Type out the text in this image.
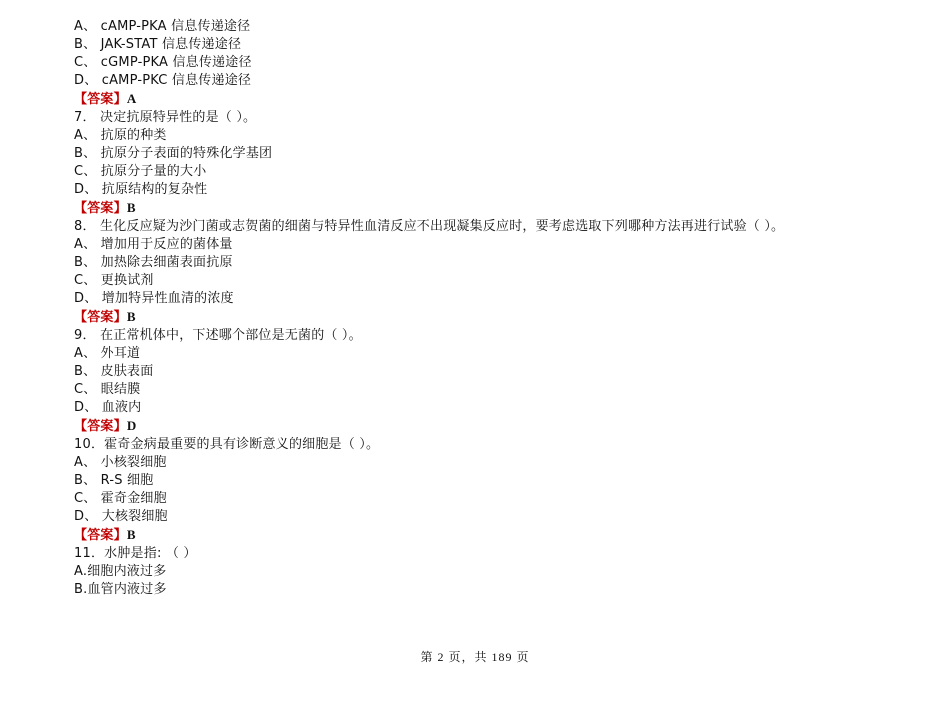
A、 cAMP-PKA 信息传递途径
B、 JAK-STAT 信息传递途径
C、 cGMP-PKA 信息传递途径
D、 cAMP-PKC 信息传递途径
【答案】A
7． 决定抗原特异性的是（ ）。
A、 抗原的种类
B、 抗原分子表面的特殊化学基团
C、 抗原分子量的大小
D、 抗原结构的复杂性
【答案】B
8． 生化反应疑为沙门菌或志贺菌的细菌与特异性血清反应不出现凝集反应时，要考虑选取下列哪种方法再进行试验（ ）。
A、 增加用于反应的菌体量
B、 加热除去细菌表面抗原
C、 更换试剂
D、 增加特异性血清的浓度
【答案】B
9． 在正常机体中，下述哪个部位是无菌的（ ）。
A、 外耳道
B、 皮肤表面
C、 眼结膜
D、 血液内
【答案】D
10．霍奇金病最重要的具有诊断意义的细胞是（ ）。
A、 小核裂细胞
B、 R-S 细胞
C、 霍奇金细胞
D、 大核裂细胞
【答案】B
11．水肿是指: （ ）
A.细胞内液过多
B.血管内液过多
第 2 页，共 189 页
